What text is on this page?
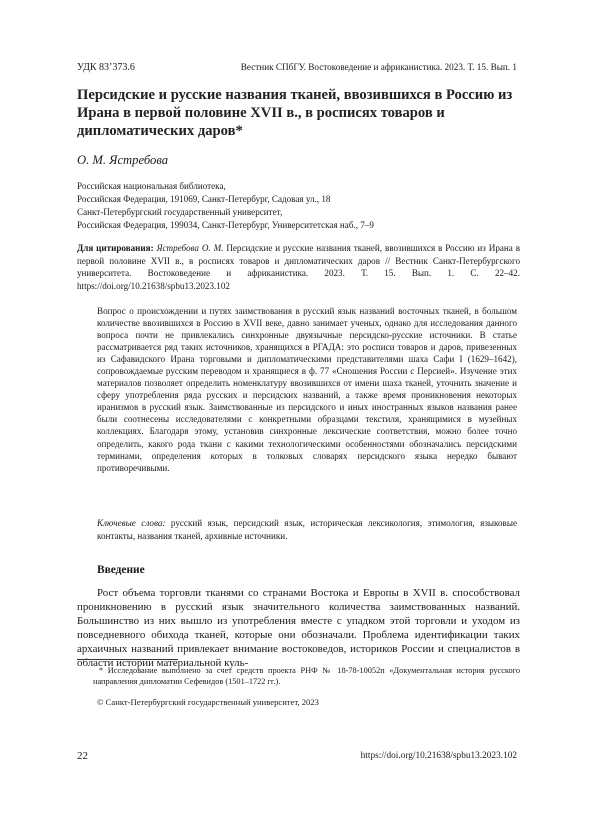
УДК 83’373.6	Вестник СПбГУ. Востоковедение и африканистика. 2023. Т. 15. Вып. 1
Персидские и русские названия тканей, ввозившихся в Россию из Ирана в первой половине XVII в., в росписях товаров и дипломатических даров*

О. М. Ястребова

Российская национальная библиотека,
Российская Федерация, 191069, Санкт-Петербург, Садовая ул., 18
Санкт-Петербургский государственный университет,
Российская Федерация, 199034, Санкт-Петербург, Университетская наб., 7–9
Для цитирования: Ястребова О. М. Персидские и русские названия тканей, ввозившихся в Россию из Ирана в первой половине XVII в., в росписях товаров и дипломатических даров // Вестник Санкт-Петербургского университета. Востоковедение и африканистика. 2023. Т. 15. Вып. 1. С. 22–42. https://doi.org/10.21638/spbu13.2023.102
Вопрос о происхождении и путях заимствования в русский язык названий восточных тканей, в большом количестве ввозившихся в Россию в XVII веке, давно занимает ученых, однако для исследования данного вопроса почти не привлекались синхронные двуязычные персидско-русские источники. В статье рассматривается ряд таких источников, хранящихся в РГАДА: это росписи товаров и даров, привезенных из Сафавидского Ирана торговыми и дипломатическими представителями шаха Сафи I (1629–1642), сопровождаемые русским переводом и хранящиеся в ф. 77 «Сношения России с Персией». Изучение этих материалов позволяет определить номенклатуру ввозившихся от имени шаха тканей, уточнить значение и сферу употребления ряда русских и персидских названий, а также время проникновения некоторых иранизмов в русский язык. Заимствованные из персидского и иных иностранных языков названия ранее были соотнесены исследователями с конкретными образцами текстиля, хранящимися в музейных коллекциях. Благодаря этому, установив синхронные лексические соответствия, можно более точно определить, какого рода ткани с какими технологическими особенностями обозначались персидскими терминами, определения которых в толковых словарях персидского языка нередко бывают противоречивыми.
Ключевые слова: русский язык, персидский язык, историческая лексикология, этимология, языковые контакты, названия тканей, архивные источники.
Введение

Рост объема торговли тканями со странами Востока и Европы в XVII в. способствовал проникновению в русский язык значительного количества заимствованных названий. Большинство из них вышло из употребления вместе с упадком этой торговли и уходом из повседневного обихода тканей, которые они обозначали. Проблема идентификации таких архаичных названий привлекает внимание востоковедов, историков России и специалистов в области истории материальной куль-

* Исследование выполнено за счет средств проекта РНФ № 18-78-10052п «Документальная история русского направления дипломатии Сефевидов (1501–1722 гг.).
© Санкт-Петербургский государственный университет, 2023
22	https://doi.org/10.21638/spbu13.2023.102
